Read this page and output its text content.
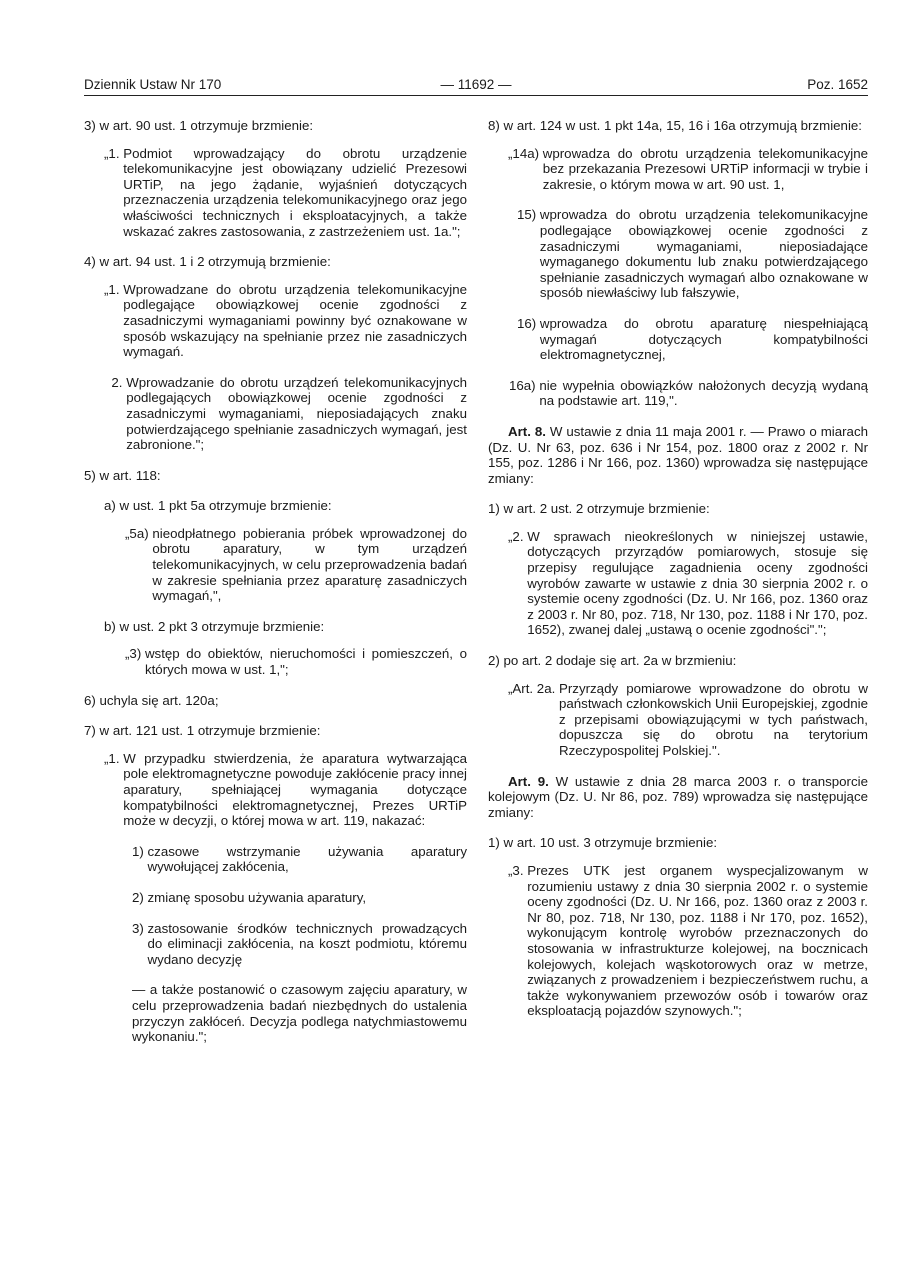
Dziennik Ustaw Nr 170	— 11692 —	Poz. 1652

3) w art. 90 ust. 1 otrzymuje brzmienie:

„1. Podmiot wprowadzający do obrotu urządzenie telekomunikacyjne jest obowiązany udzielić Prezesowi URTiP, na jego żądanie, wyjaśnień dotyczących przeznaczenia urządzenia telekomunikacyjnego oraz jego właściwości technicznych i eksploatacyjnych, a także wskazać zakres zastosowania, z zastrzeżeniem ust. 1a.";

4) w art. 94 ust. 1 i 2 otrzymują brzmienie:

„1. Wprowadzane do obrotu urządzenia telekomunikacyjne podlegające obowiązkowej ocenie zgodności z zasadniczymi wymaganiami powinny być oznakowane w sposób wskazujący na spełnianie przez nie zasadniczych wymagań.
2. Wprowadzanie do obrotu urządzeń telekomunikacyjnych podlegających obowiązkowej ocenie zgodności z zasadniczymi wymaganiami, nieposiadających znaku potwierdzającego spełnianie zasadniczych wymagań, jest zabronione.";

5) w art. 118:

a) w ust. 1 pkt 5a otrzymuje brzmienie:

„5a) nieodpłatnego pobierania próbek wprowadzonej do obrotu aparatury, w tym urządzeń telekomunikacyjnych, w celu przeprowadzenia badań w zakresie spełniania przez aparaturę zasadniczych wymagań,",

b) w ust. 2 pkt 3 otrzymuje brzmienie:

„3) wstęp do obiektów, nieruchomości i pomieszczeń, o których mowa w ust. 1,";

6) uchyla się art. 120a;

7) w art. 121 ust. 1 otrzymuje brzmienie:

„1. W przypadku stwierdzenia, że aparatura wytwarzająca pole elektromagnetyczne powoduje zakłócenie pracy innej aparatury, spełniającej wymagania dotyczące kompatybilności elektromagnetycznej, Prezes URTiP może w decyzji, o której mowa w art. 119, nakazać:
1) czasowe wstrzymanie używania aparatury wywołującej zakłócenia,
2) zmianę sposobu używania aparatury,
3) zastosowanie środków technicznych prowadzących do eliminacji zakłócenia, na koszt podmiotu, któremu wydano decyzję

— a także postanowić o czasowym zajęciu aparatury, w celu przeprowadzenia badań niezbędnych do ustalenia przyczyn zakłóceń. Decyzja podlega natychmiastowemu wykonaniu.";

8) w art. 124 w ust. 1 pkt 14a, 15, 16 i 16a otrzymują brzmienie:
„14a) wprowadza do obrotu urządzenia telekomunikacyjne bez przekazania Prezesowi URTiP informacji w trybie i zakresie, o którym mowa w art. 90 ust. 1,
15) wprowadza do obrotu urządzenia telekomunikacyjne podlegające obowiązkowej ocenie zgodności z zasadniczymi wymaganiami, nieposiadające wymaganego dokumentu lub znaku potwierdzającego spełnianie zasadniczych wymagań albo oznakowane w sposób niewłaściwy lub fałszywie,
16) wprowadza do obrotu aparaturę niespełniającą wymagań dotyczących kompatybilności elektromagnetycznej,
16a) nie wypełnia obowiązków nałożonych decyzją wydaną na podstawie art. 119,".

Art. 8. W ustawie z dnia 11 maja 2001 r. — Prawo o miarach (Dz. U. Nr 63, poz. 636 i Nr 154, poz. 1800 oraz z 2002 r. Nr 155, poz. 1286 i Nr 166, poz. 1360) wprowadza się następujące zmiany:

1) w art. 2 ust. 2 otrzymuje brzmienie:

„2. W sprawach nieokreślonych w niniejszej ustawie, dotyczących przyrządów pomiarowych, stosuje się przepisy regulujące zagadnienia oceny zgodności wyrobów zawarte w ustawie z dnia 30 sierpnia 2002 r. o systemie oceny zgodności (Dz. U. Nr 166, poz. 1360 oraz z 2003 r. Nr 80, poz. 718, Nr 130, poz. 1188 i Nr 170, poz. 1652), zwanej dalej „ustawą o ocenie zgodności".";

2) po art. 2 dodaje się art. 2a w brzmieniu:

„Art. 2a. Przyrządy pomiarowe wprowadzone do obrotu w państwach członkowskich Unii Europejskiej, zgodnie z przepisami obowiązującymi w tych państwach, dopuszcza się do obrotu na terytorium Rzeczypospolitej Polskiej.".

Art. 9. W ustawie z dnia 28 marca 2003 r. o transporcie kolejowym (Dz. U. Nr 86, poz. 789) wprowadza się następujące zmiany:

1) w art. 10 ust. 3 otrzymuje brzmienie:

„3. Prezes UTK jest organem wyspecjalizowanym w rozumieniu ustawy z dnia 30 sierpnia 2002 r. o systemie oceny zgodności (Dz. U. Nr 166, poz. 1360 oraz z 2003 r. Nr 80, poz. 718, Nr 130, poz. 1188 i Nr 170, poz. 1652), wykonującym kontrolę wyrobów przeznaczonych do stosowania w infrastrukturze kolejowej, na bocznicach kolejowych, kolejach wąskotorowych oraz w metrze, związanych z prowadzeniem i bezpieczeństwem ruchu, a także wykonywaniem przewozów osób i towarów oraz eksploatacją pojazdów szynowych.";
